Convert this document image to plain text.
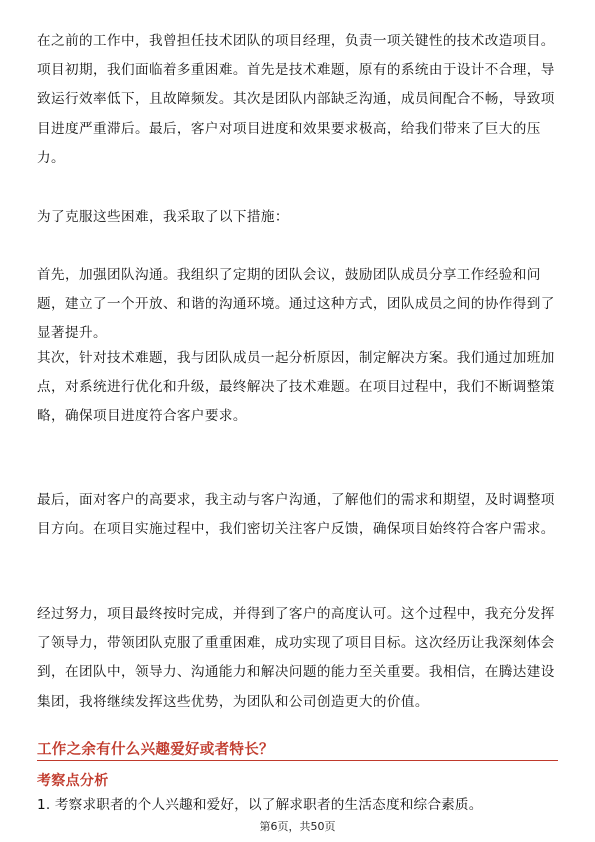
在之前的工作中，我曾担任技术团队的项目经理，负责一项关键性的技术改造项目。项目初期，我们面临着多重困难。首先是技术难题，原有的系统由于设计不合理，导致运行效率低下，且故障频发。其次是团队内部缺乏沟通，成员间配合不畅，导致项目进度严重滞后。最后，客户对项目进度和效果要求极高，给我们带来了巨大的压力。

为了克服这些困难，我采取了以下措施：

首先，加强团队沟通。我组织了定期的团队会议，鼓励团队成员分享工作经验和问题，建立了一个开放、和谐的沟通环境。通过这种方式，团队成员之间的协作得到了显著提升。

其次，针对技术难题，我与团队成员一起分析原因，制定解决方案。我们通过加班加点，对系统进行优化和升级，最终解决了技术难题。在项目过程中，我们不断调整策略，确保项目进度符合客户要求。

最后，面对客户的高要求，我主动与客户沟通，了解他们的需求和期望，及时调整项目方向。在项目实施过程中，我们密切关注客户反馈，确保项目始终符合客户需求。

经过努力，项目最终按时完成，并得到了客户的高度认可。这个过程中，我充分发挥了领导力，带领团队克服了重重困难，成功实现了项目目标。这次经历让我深刻体会到，在团队中，领导力、沟通能力和解决问题的能力至关重要。我相信，在腾达建设集团，我将继续发挥这些优势，为团队和公司创造更大的价值。

工作之余有什么兴趣爱好或者特长？
考察点分析

1. 考察求职者的个人兴趣和爱好，以了解求职者的生活态度和综合素质。

第6页，共50页
